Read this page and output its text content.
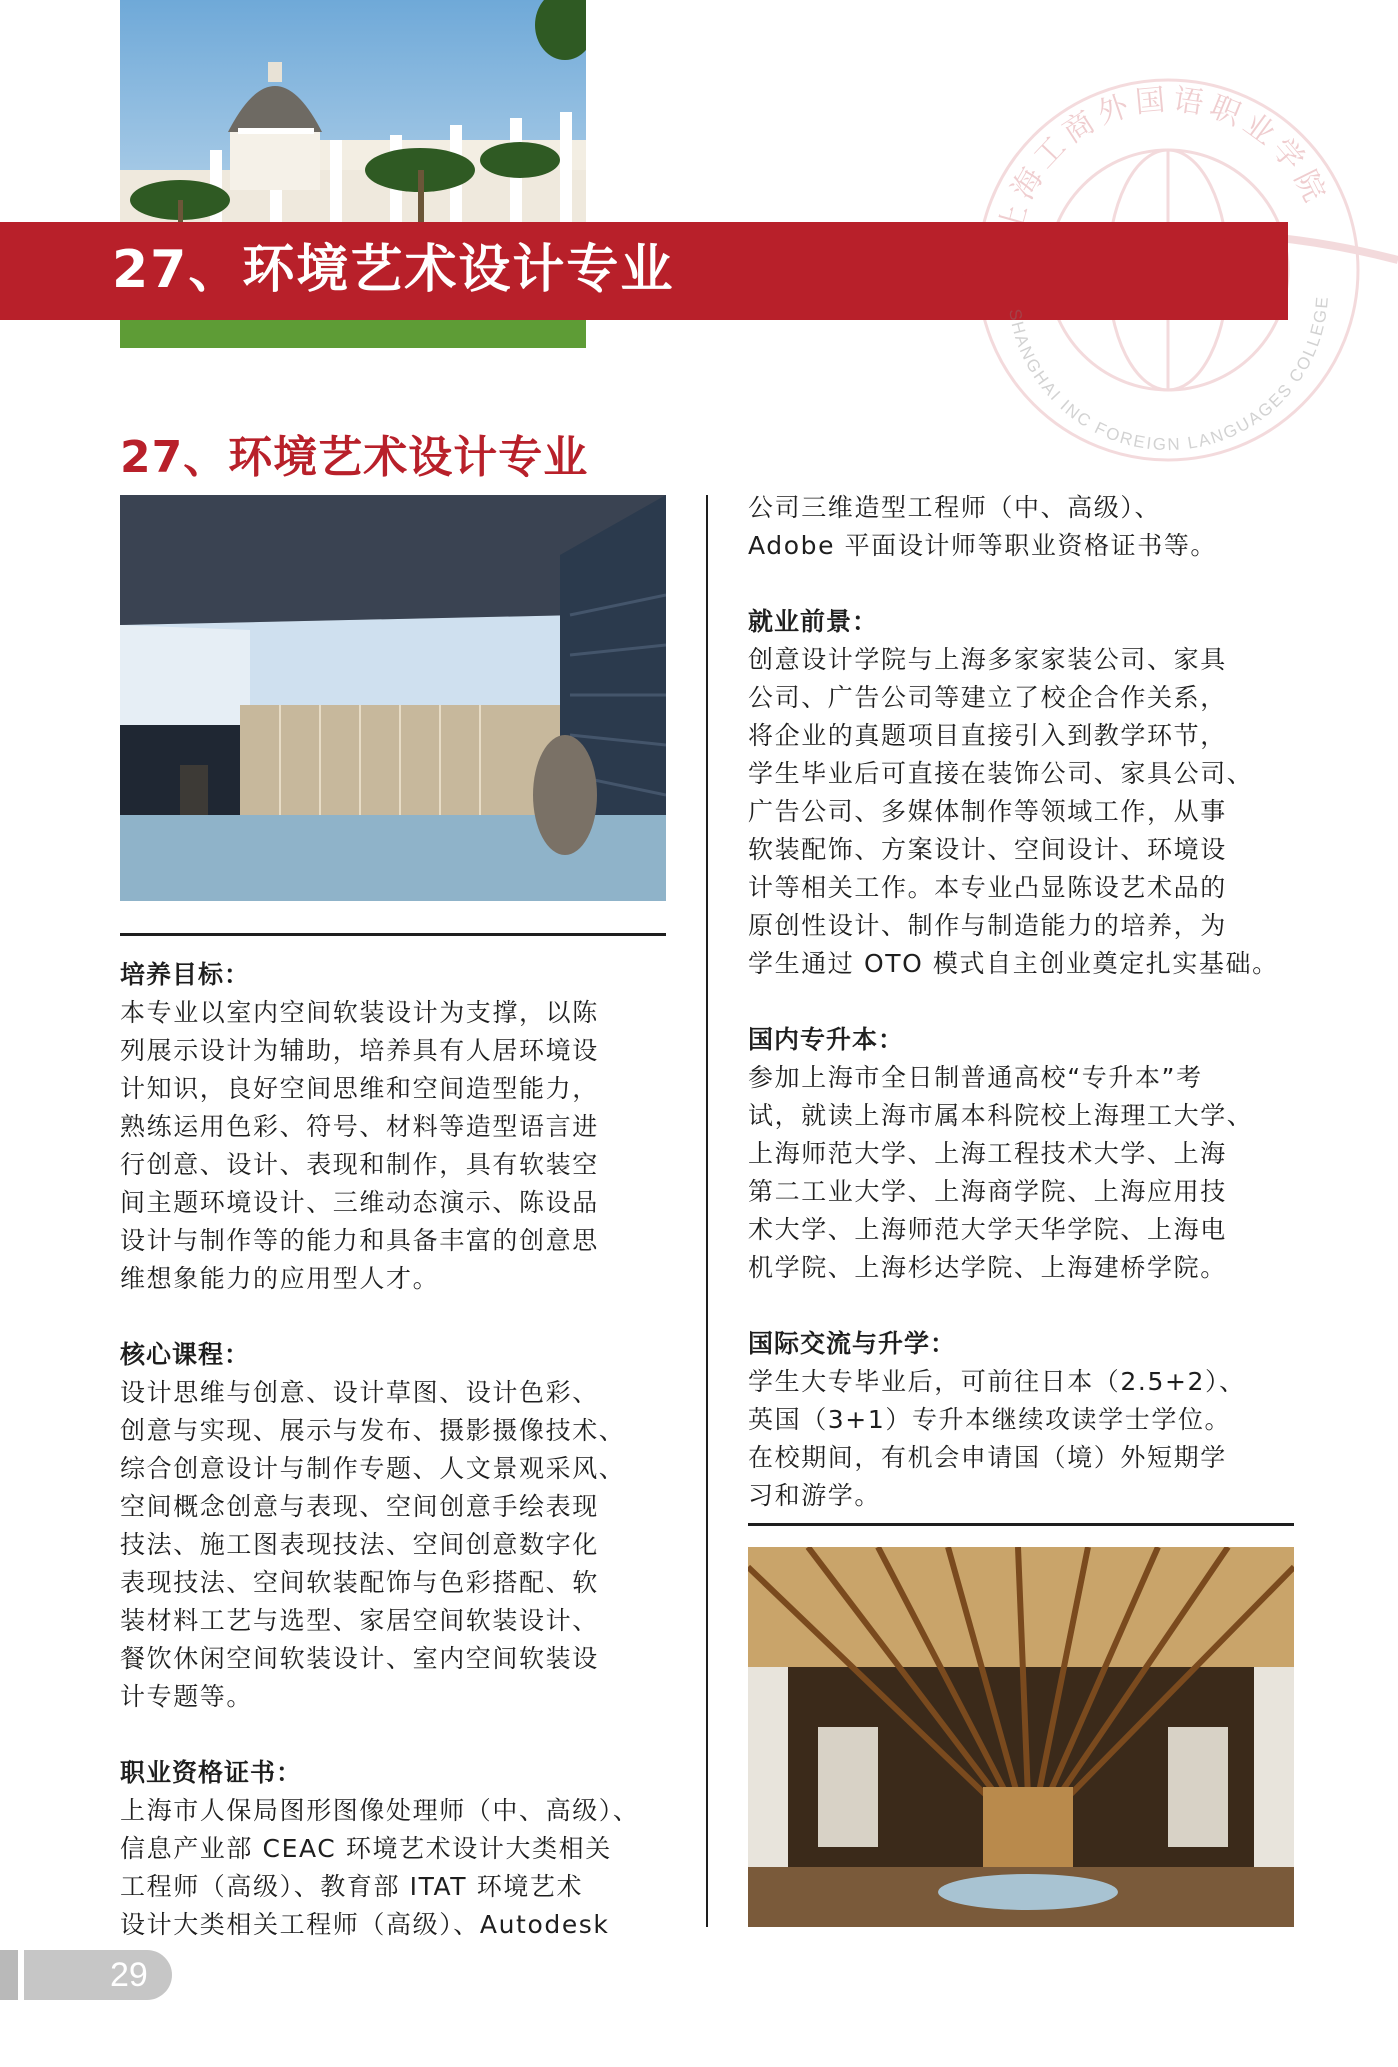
27、环境艺术设计专业
上海工商外国语职业学院
SHANGHAI INC FOREIGN LANGUAGES COLLEGE
27、环境艺术设计专业

培养目标：

本专业以室内空间软装设计为支撑，以陈

列展示设计为辅助，培养具有人居环境设

计知识，良好空间思维和空间造型能力，

熟练运用色彩、符号、材料等造型语言进

行创意、设计、表现和制作，具有软装空

间主题环境设计、三维动态演示、陈设品

设计与制作等的能力和具备丰富的创意思

维想象能力的应用型人才。

核心课程：

设计思维与创意、设计草图、设计色彩、

创意与实现、展示与发布、摄影摄像技术、

综合创意设计与制作专题、人文景观采风、

空间概念创意与表现、空间创意手绘表现

技法、施工图表现技法、空间创意数字化

表现技法、空间软装配饰与色彩搭配、软

装材料工艺与选型、家居空间软装设计、

餐饮休闲空间软装设计、室内空间软装设

计专题等。

职业资格证书：

上海市人保局图形图像处理师（中、高级）、

信息产业部 CEAC 环境艺术设计大类相关

工程师（高级）、教育部 ITAT 环境艺术

设计大类相关工程师（高级）、Autodesk

公司三维造型工程师（中、高级）、

Adobe 平面设计师等职业资格证书等。

就业前景：

创意设计学院与上海多家家装公司、家具

公司、广告公司等建立了校企合作关系，

将企业的真题项目直接引入到教学环节，

学生毕业后可直接在装饰公司、家具公司、

广告公司、多媒体制作等领域工作，从事

软装配饰、方案设计、空间设计、环境设

计等相关工作。本专业凸显陈设艺术品的

原创性设计、制作与制造能力的培养，为

学生通过 OTO 模式自主创业奠定扎实基础。

国内专升本：

参加上海市全日制普通高校“专升本”考

试，就读上海市属本科院校上海理工大学、

上海师范大学、上海工程技术大学、上海

第二工业大学、上海商学院、上海应用技

术大学、上海师范大学天华学院、上海电

机学院、上海杉达学院、上海建桥学院。

国际交流与升学：

学生大专毕业后，可前往日本（2.5+2）、

英国（3+1）专升本继续攻读学士学位。

在校期间，有机会申请国（境）外短期学

习和游学。

29
